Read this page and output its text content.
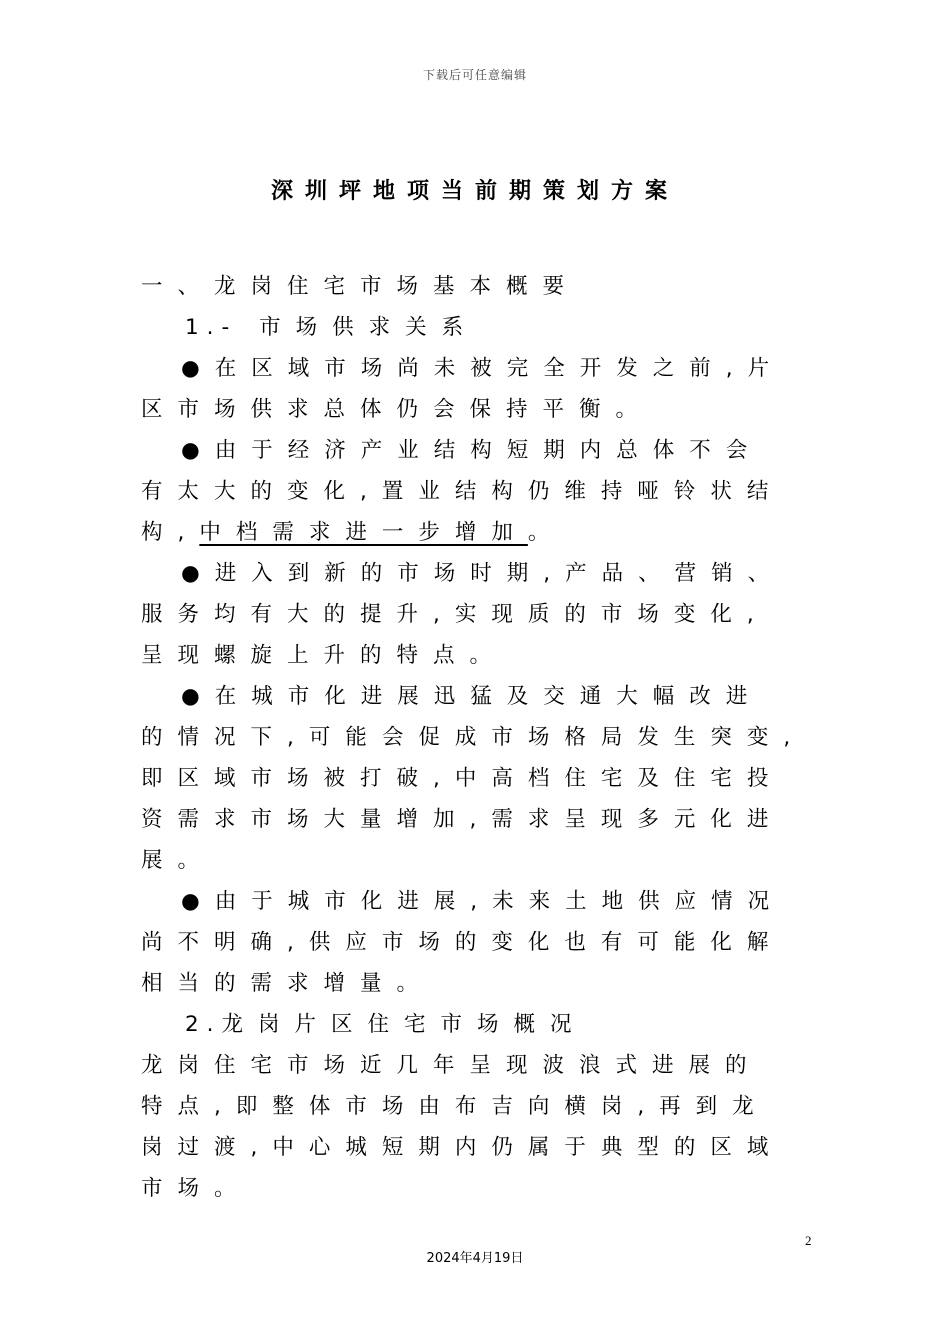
下载后可任意编辑
深圳坪地项当前期策划方案
一、龙岗住宅市场基本概要
1.- 市场供求关系
●在区域市场尚未被完全开发之前,片
区市场供求总体仍会保持平衡。
●由于经济产业结构短期内总体不会
有太大的变化,置业结构仍维持哑铃状结
构,中档需求进一步增加。
●进入到新的市场时期,产品、营销、
服务均有大的提升,实现质的市场变化,
呈现螺旋上升的特点。
●在城市化进展迅猛及交通大幅改进
的情况下,可能会促成市场格局发生突变,
即区域市场被打破,中高档住宅及住宅投
资需求市场大量增加,需求呈现多元化进
展。
●由于城市化进展,未来土地供应情况
尚不明确,供应市场的变化也有可能化解
相当的需求增量。
2.龙岗片区住宅市场概况
龙岗住宅市场近几年呈现波浪式进展的
特点,即整体市场由布吉向横岗,再到龙
岗过渡,中心城短期内仍属于典型的区域
市场。
2
2024年4月19日
